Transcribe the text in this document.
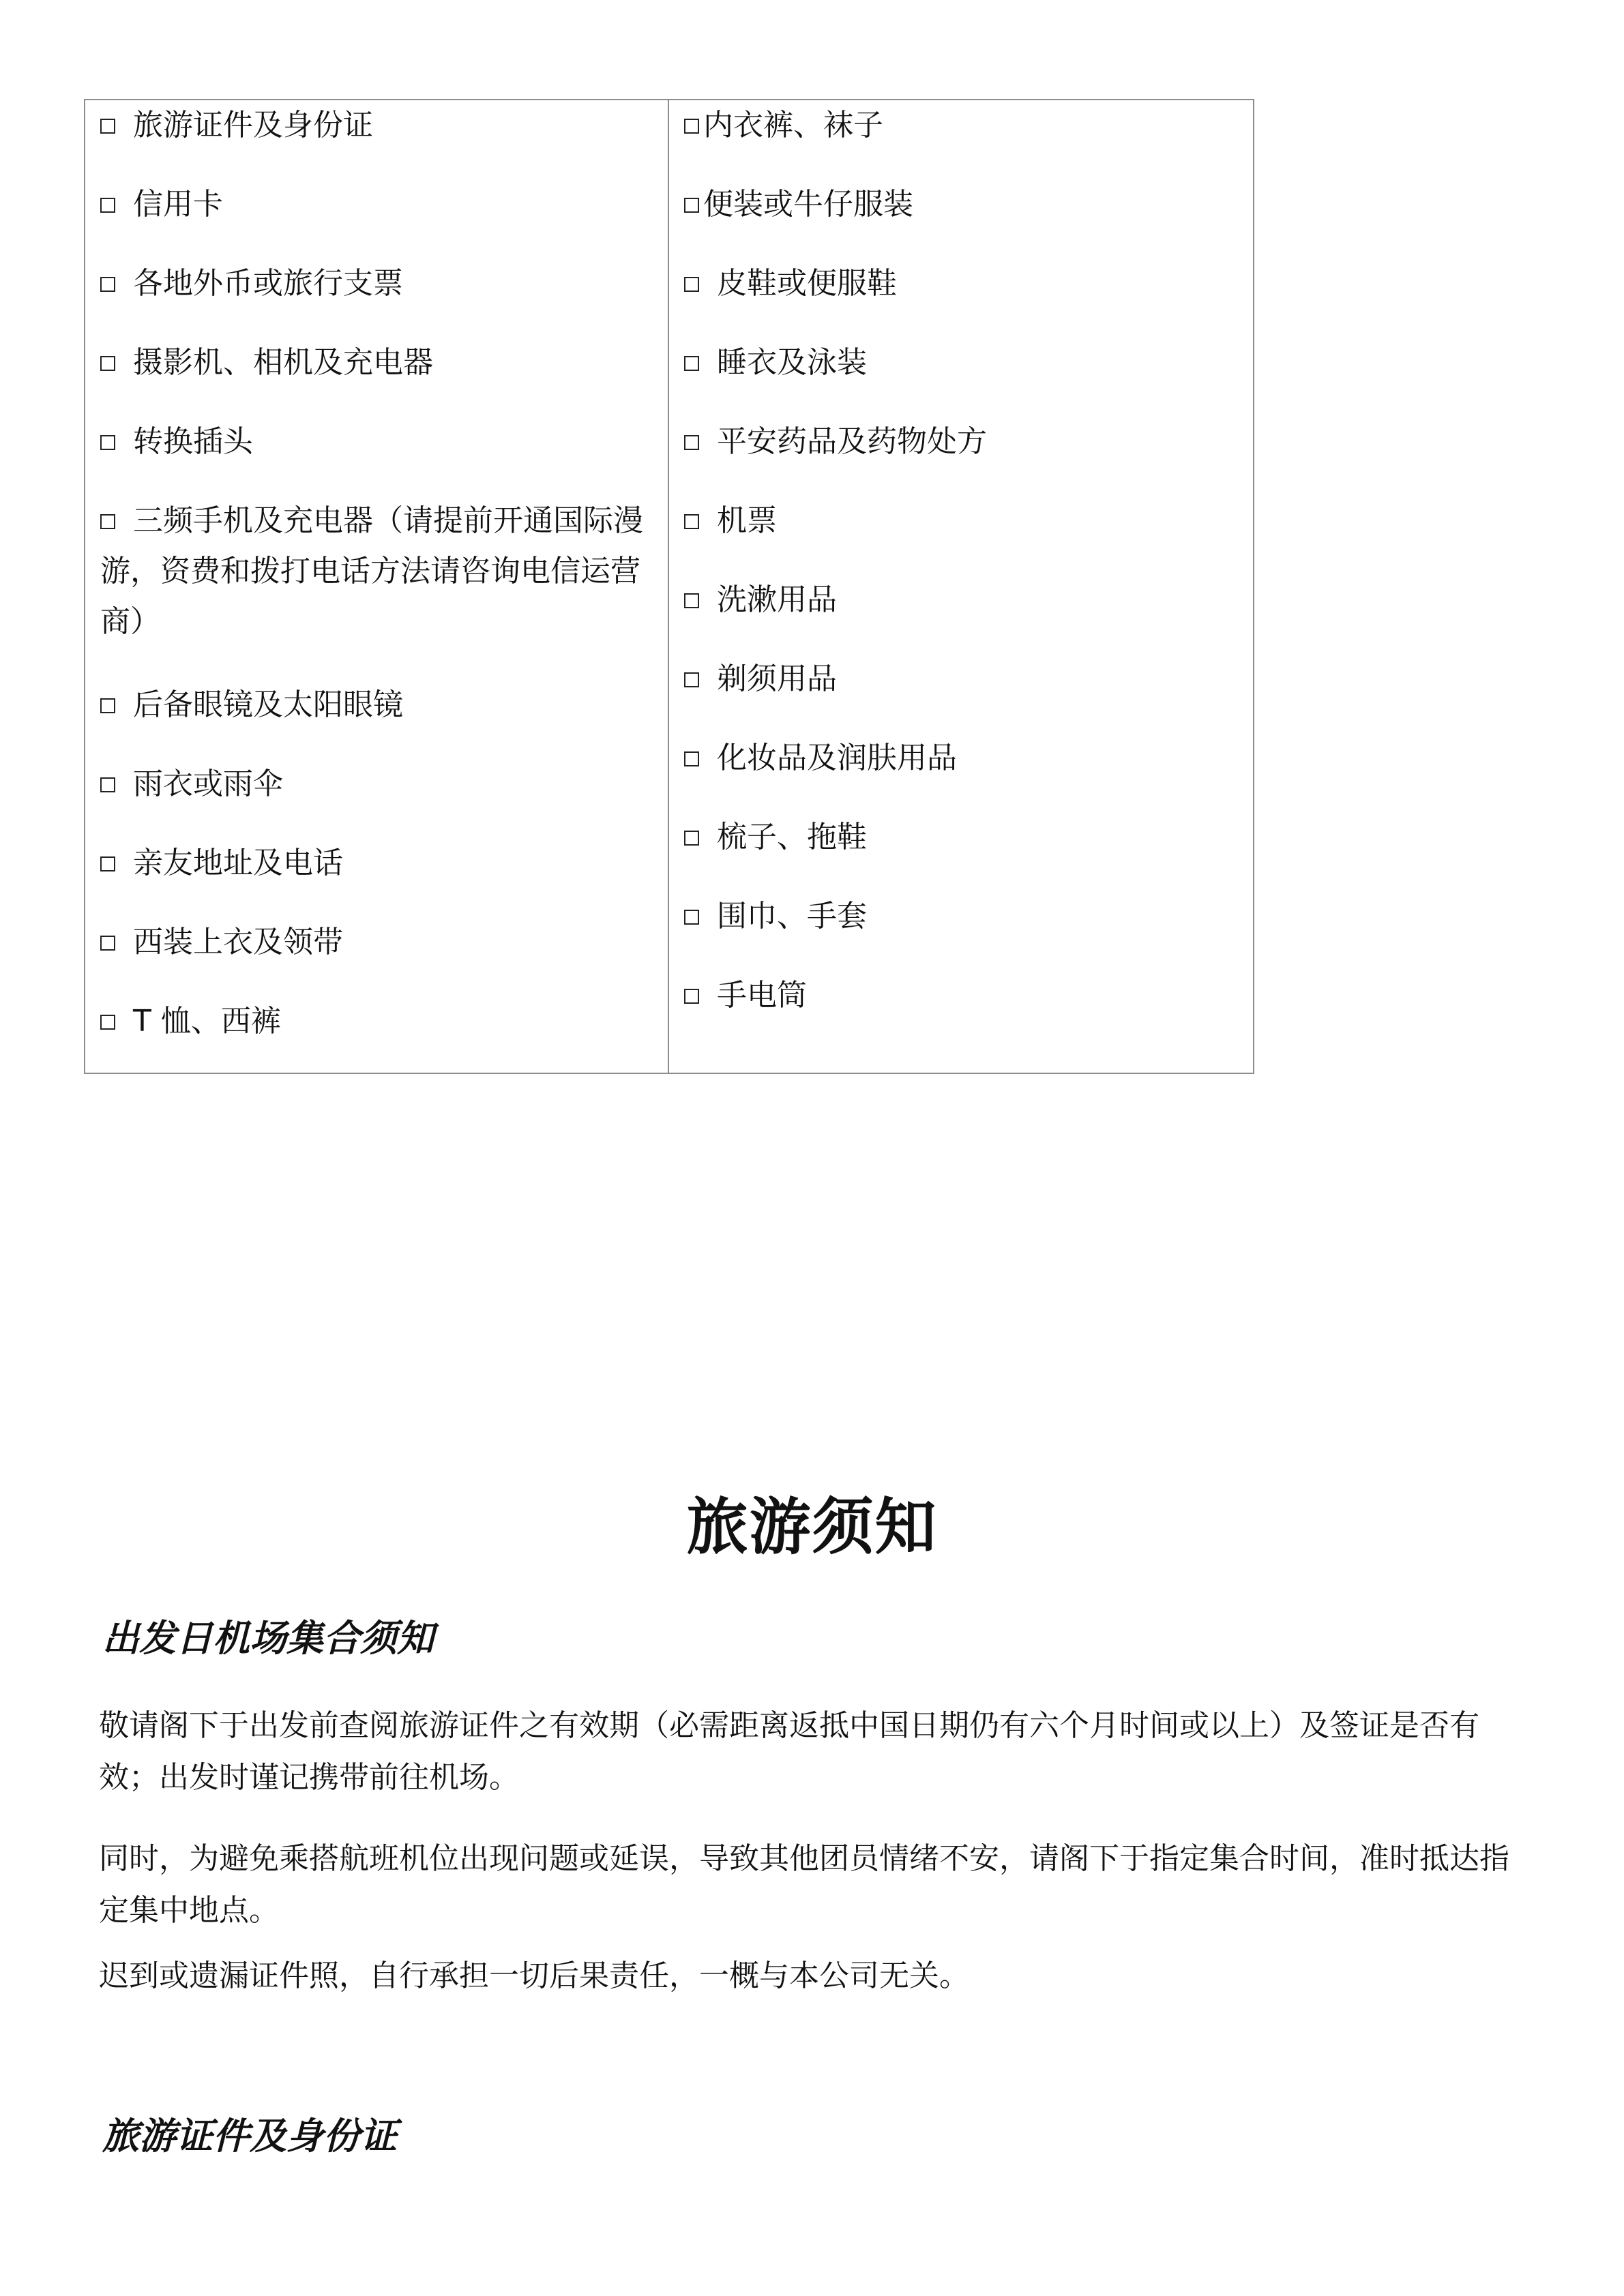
旅游证件及身份证
信用卡
各地外币或旅行支票
摄影机、相机及充电器
转换插头
三频手机及充电器（请提前开通国际漫游，资费和拨打电话方法请咨询电信运营商）
后备眼镜及太阳眼镜
雨衣或雨伞
亲友地址及电话
西装上衣及领带
T 恤、西裤
内衣裤、袜子
便装或牛仔服装
皮鞋或便服鞋
睡衣及泳装
平安药品及药物处方
机票
洗漱用品
剃须用品
化妆品及润肤用品
梳子、拖鞋
围巾、手套
手电筒
旅游须知
出发日机场集合须知
敬请阁下于出发前查阅旅游证件之有效期（必需距离返抵中国日期仍有六个月时间或以上）及签证是否有效；出发时谨记携带前往机场。
同时，为避免乘搭航班机位出现问题或延误，导致其他团员情绪不安，请阁下于指定集合时间，准时抵达指定集中地点。
迟到或遗漏证件照，自行承担一切后果责任，一概与本公司无关。
旅游证件及身份证
